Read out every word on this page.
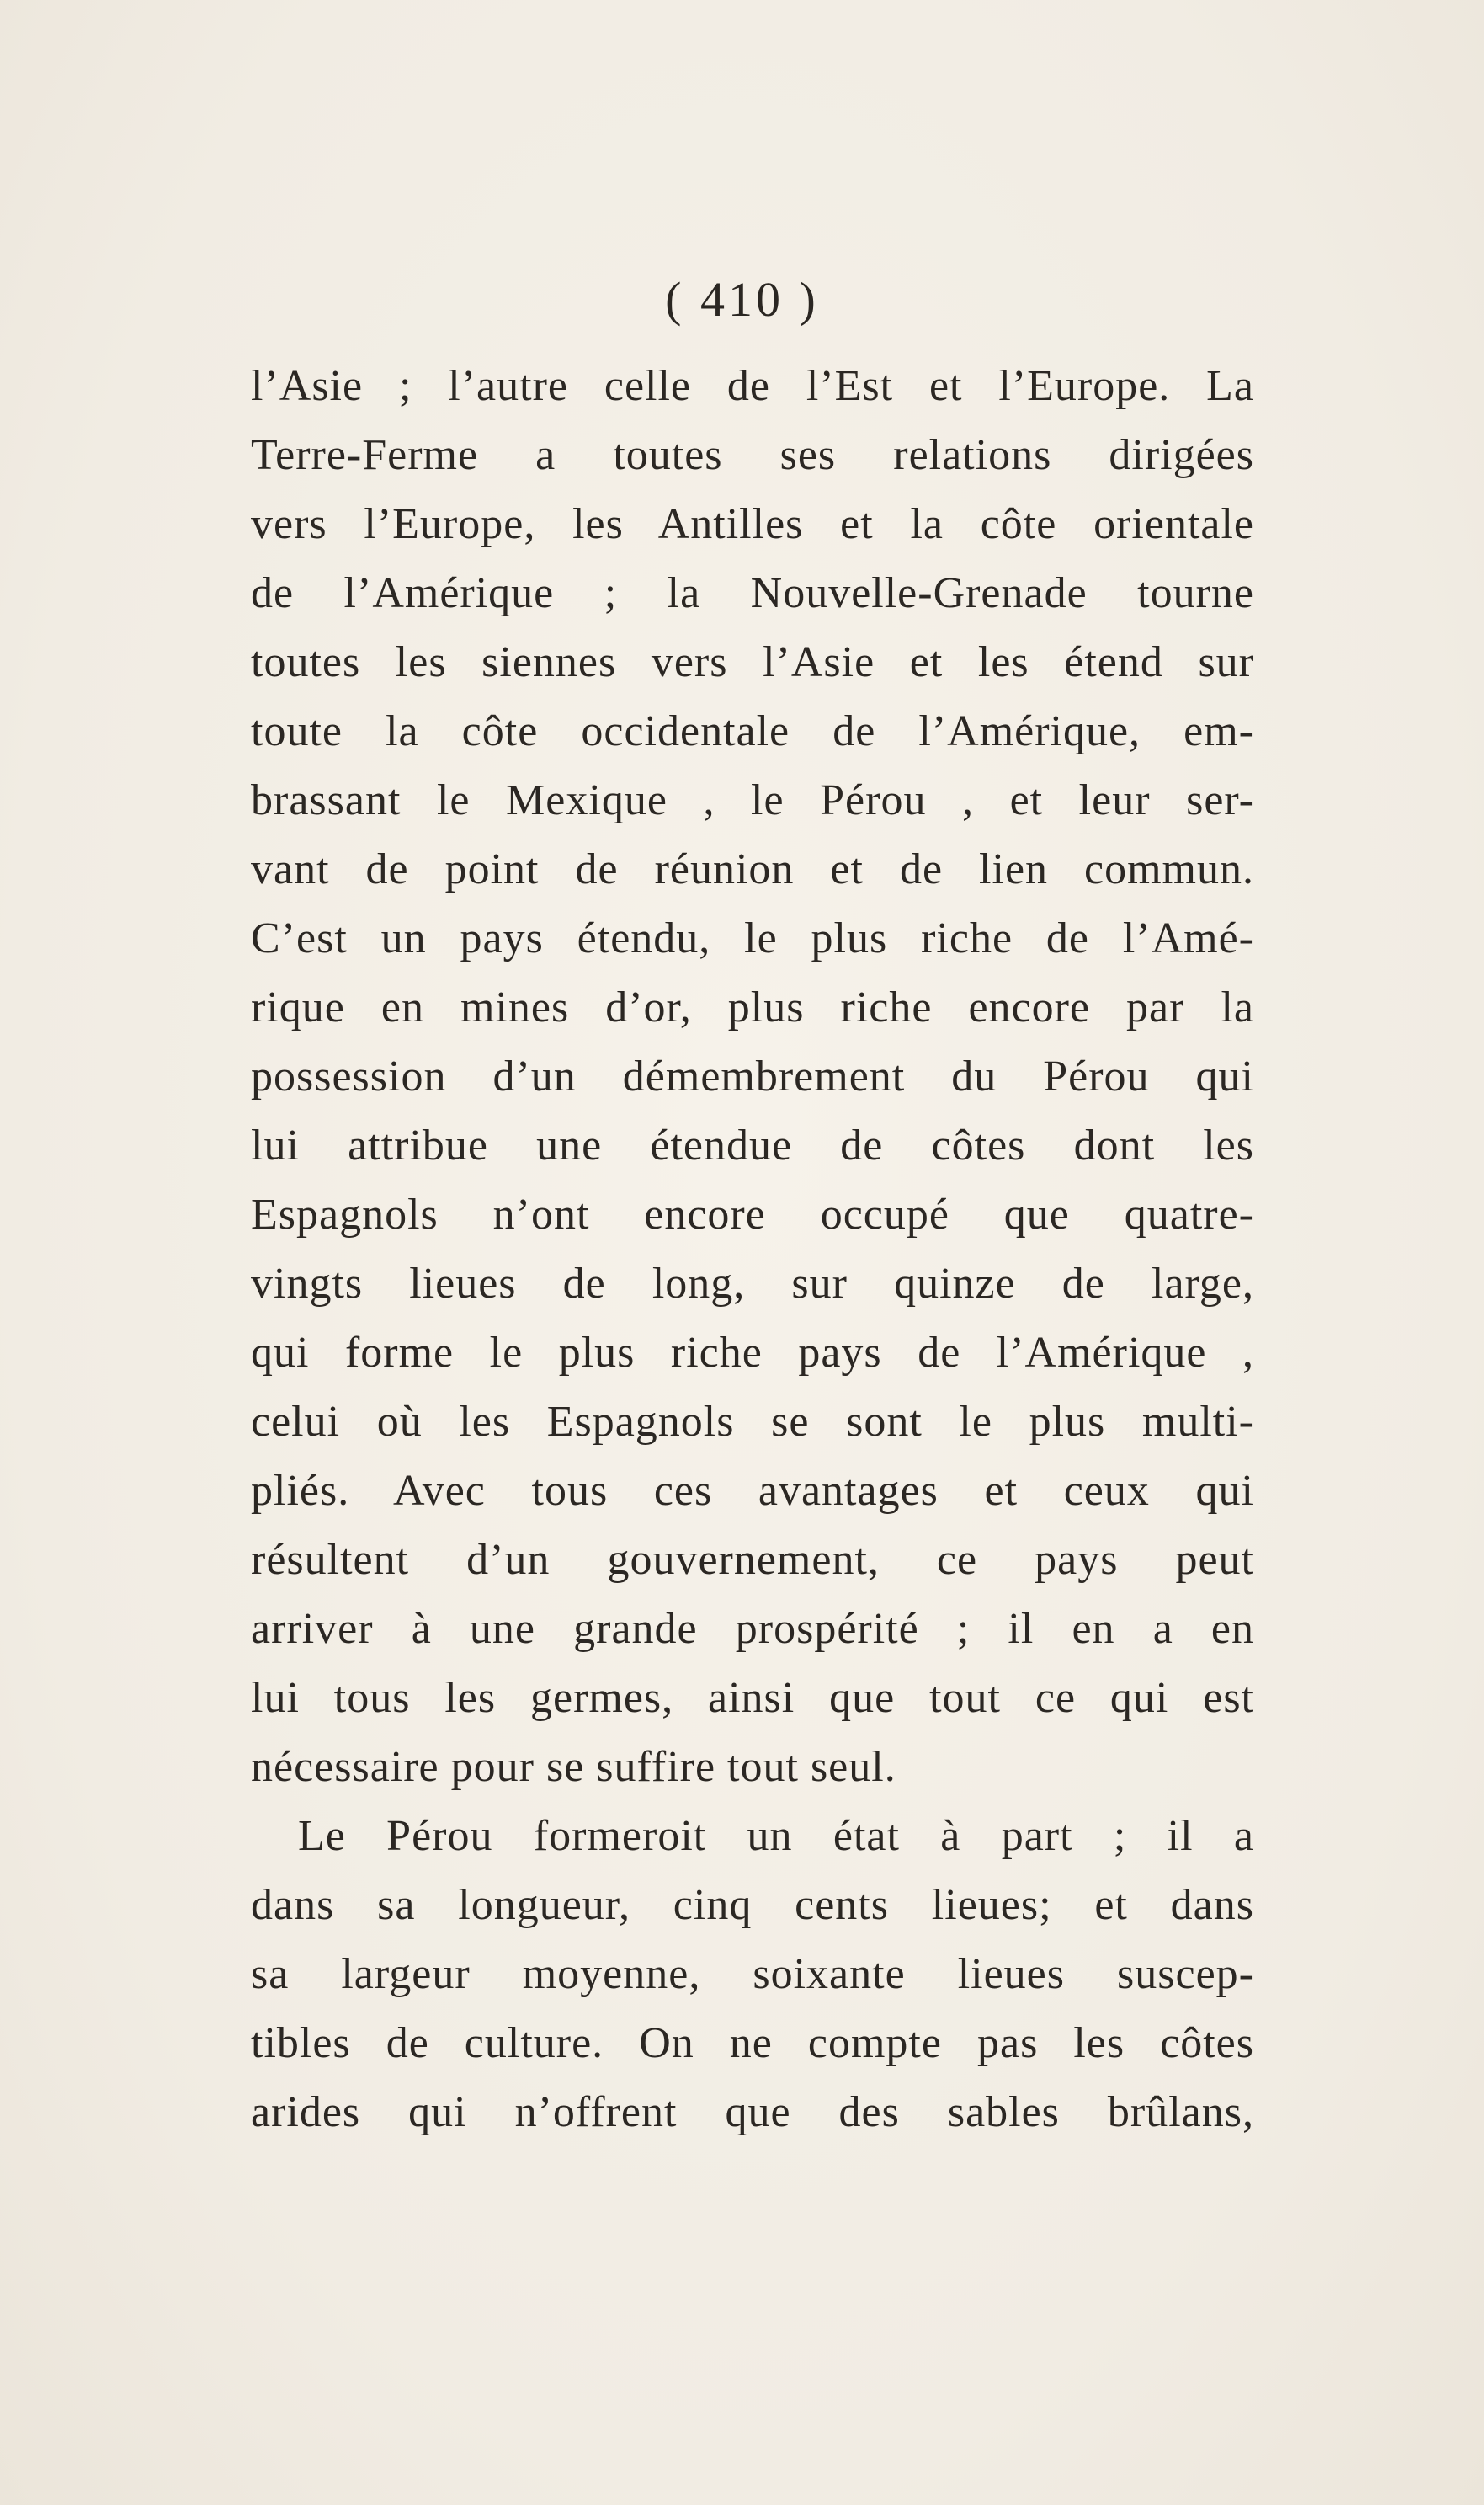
( 410 )
l’Asie ; l’autre celle de l’Est et l’Europe. La
Terre-Ferme a toutes ses relations dirigées
vers l’Europe, les Antilles et la côte orientale
de l’Amérique ; la Nouvelle-Grenade tourne
toutes les siennes vers l’Asie et les étend sur
toute la côte occidentale de l’Amérique, em-
brassant le Mexique , le Pérou , et leur ser-
vant de point de réunion et de lien commun.
C’est un pays étendu, le plus riche de l’Amé-
rique en mines d’or, plus riche encore par la
possession d’un démembrement du Pérou qui
lui attribue une étendue de côtes dont les
Espagnols n’ont encore occupé que quatre-
vingts lieues de long, sur quinze de large,
qui forme le plus riche pays de l’Amérique ,
celui où les Espagnols se sont le plus multi-
pliés. Avec tous ces avantages et ceux qui
résultent d’un gouvernement, ce pays peut
arriver à une grande prospérité ; il en a en
lui tous les germes, ainsi que tout ce qui est
nécessaire pour se suffire tout seul.
Le Pérou formeroit un état à part ; il a
dans sa longueur, cinq cents lieues; et dans
sa largeur moyenne, soixante lieues suscep-
tibles de culture. On ne compte pas les côtes
arides qui n’offrent que des sables brûlans,
